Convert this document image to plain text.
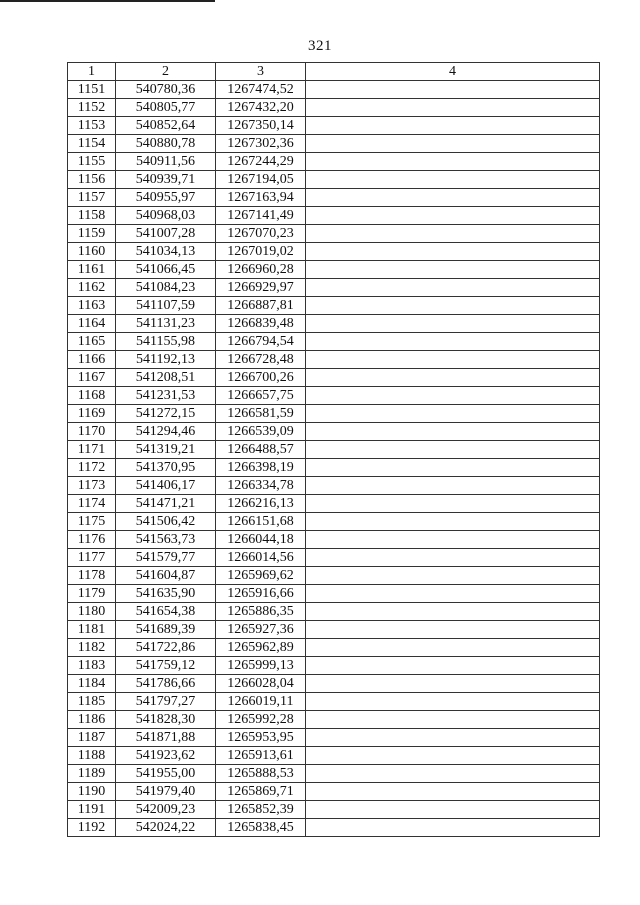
321
1	2	3	4
1151	540780,36	1267474,52	
1152	540805,77	1267432,20	
1153	540852,64	1267350,14	
1154	540880,78	1267302,36	
1155	540911,56	1267244,29	
1156	540939,71	1267194,05	
1157	540955,97	1267163,94	
1158	540968,03	1267141,49	
1159	541007,28	1267070,23	
1160	541034,13	1267019,02	
1161	541066,45	1266960,28	
1162	541084,23	1266929,97	
1163	541107,59	1266887,81	
1164	541131,23	1266839,48	
1165	541155,98	1266794,54	
1166	541192,13	1266728,48	
1167	541208,51	1266700,26	
1168	541231,53	1266657,75	
1169	541272,15	1266581,59	
1170	541294,46	1266539,09	
1171	541319,21	1266488,57	
1172	541370,95	1266398,19	
1173	541406,17	1266334,78	
1174	541471,21	1266216,13	
1175	541506,42	1266151,68	
1176	541563,73	1266044,18	
1177	541579,77	1266014,56	
1178	541604,87	1265969,62	
1179	541635,90	1265916,66	
1180	541654,38	1265886,35	
1181	541689,39	1265927,36	
1182	541722,86	1265962,89	
1183	541759,12	1265999,13	
1184	541786,66	1266028,04	
1185	541797,27	1266019,11	
1186	541828,30	1265992,28	
1187	541871,88	1265953,95	
1188	541923,62	1265913,61	
1189	541955,00	1265888,53	
1190	541979,40	1265869,71	
1191	542009,23	1265852,39	
1192	542024,22	1265838,45	
